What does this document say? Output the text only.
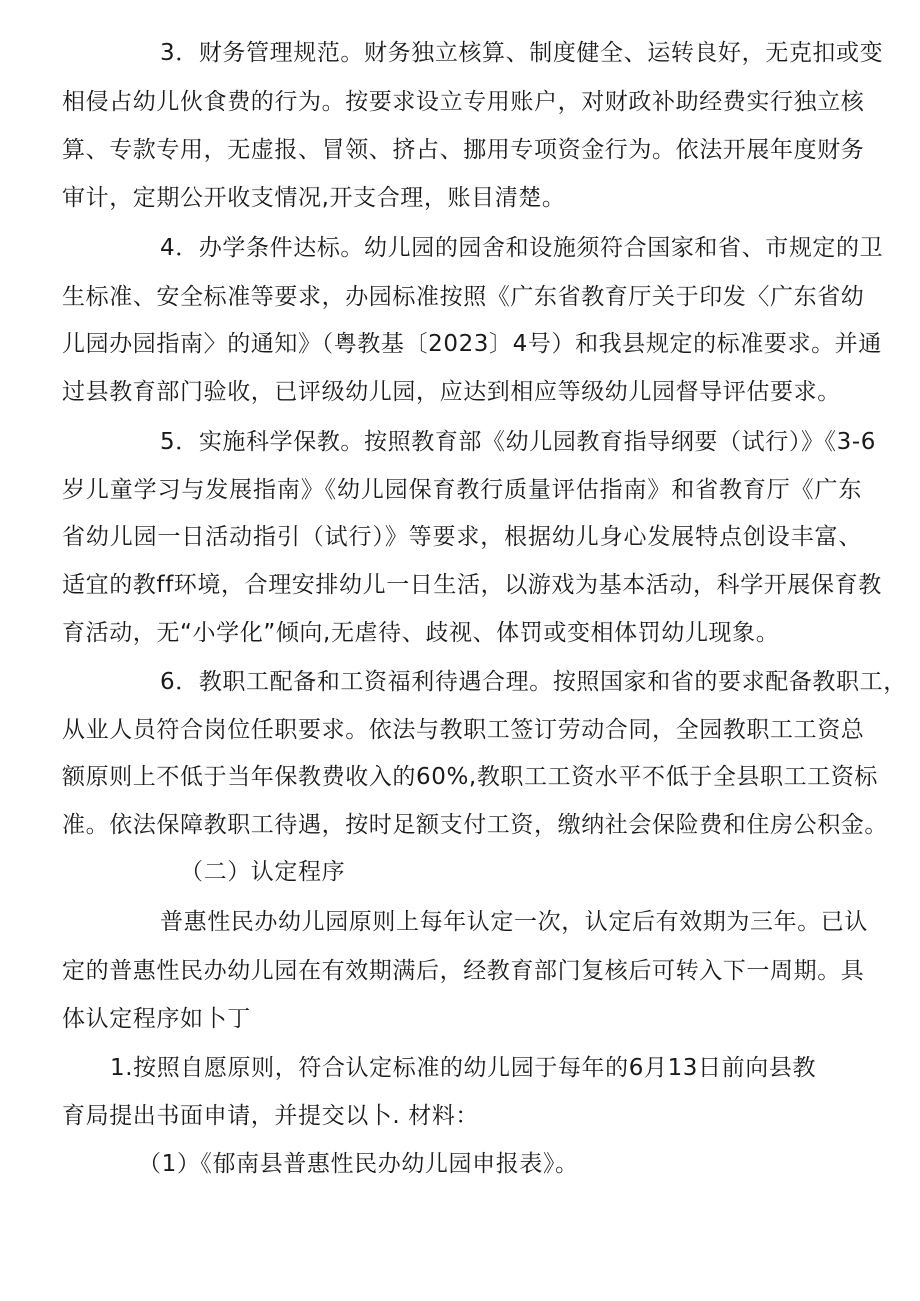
3．财务管理规范。财务独立核算、制度健全、运转良好，无克扣或变
相侵占幼儿伙食费的行为。按要求设立专用账户，对财政补助经费实行独立核
算、专款专用，无虚报、冒领、挤占、挪用专项资金行为。依法开展年度财务
审计，定期公开收支情况,开支合理，账目清楚。
4．办学条件达标。幼儿园的园舍和设施须符合国家和省、市规定的卫
生标准、安全标准等要求，办园标准按照《广东省教育厅关于印发〈广东省幼
儿园办园指南〉的通知》（粤教基〔2023〕4号）和我县规定的标准要求。并通
过县教育部门验收，已评级幼儿园，应达到相应等级幼儿园督导评估要求。
5．实施科学保教。按照教育部《幼儿园教育指导纲要（试行）》《3-6
岁儿童学习与发展指南》《幼儿园保育教行质量评估指南》和省教育厅《广东
省幼儿园一日活动指引（试行）》等要求，根据幼儿身心发展特点创设丰富、
适宜的教ff环境，合理安排幼儿一日生活，以游戏为基本活动，科学开展保育教
育活动，无“小学化”倾向,无虐待、歧视、体罚或变相体罚幼儿现象。
6．教职工配备和工资福利待遇合理。按照国家和省的要求配备教职工，
从业人员符合岗位任职要求。依法与教职工签订劳动合同，全园教职工工资总
额原则上不低于当年保教费收入的60%,教职工工资水平不低于全县职工工资标
准。依法保障教职工待遇，按时足额支付工资，缴纳社会保险费和住房公积金。
（二）认定程序
普惠性民办幼儿园原则上每年认定一次，认定后有效期为三年。已认
定的普惠性民办幼儿园在有效期满后，经教育部门复核后可转入下一周期。具
体认定程序如卜丁
1.按照自愿原则，符合认定标准的幼儿园于每年的6月13日前向县教
育局提出书面申请，并提交以卜. 材料：
（1）《郁南县普惠性民办幼儿园申报表》。
